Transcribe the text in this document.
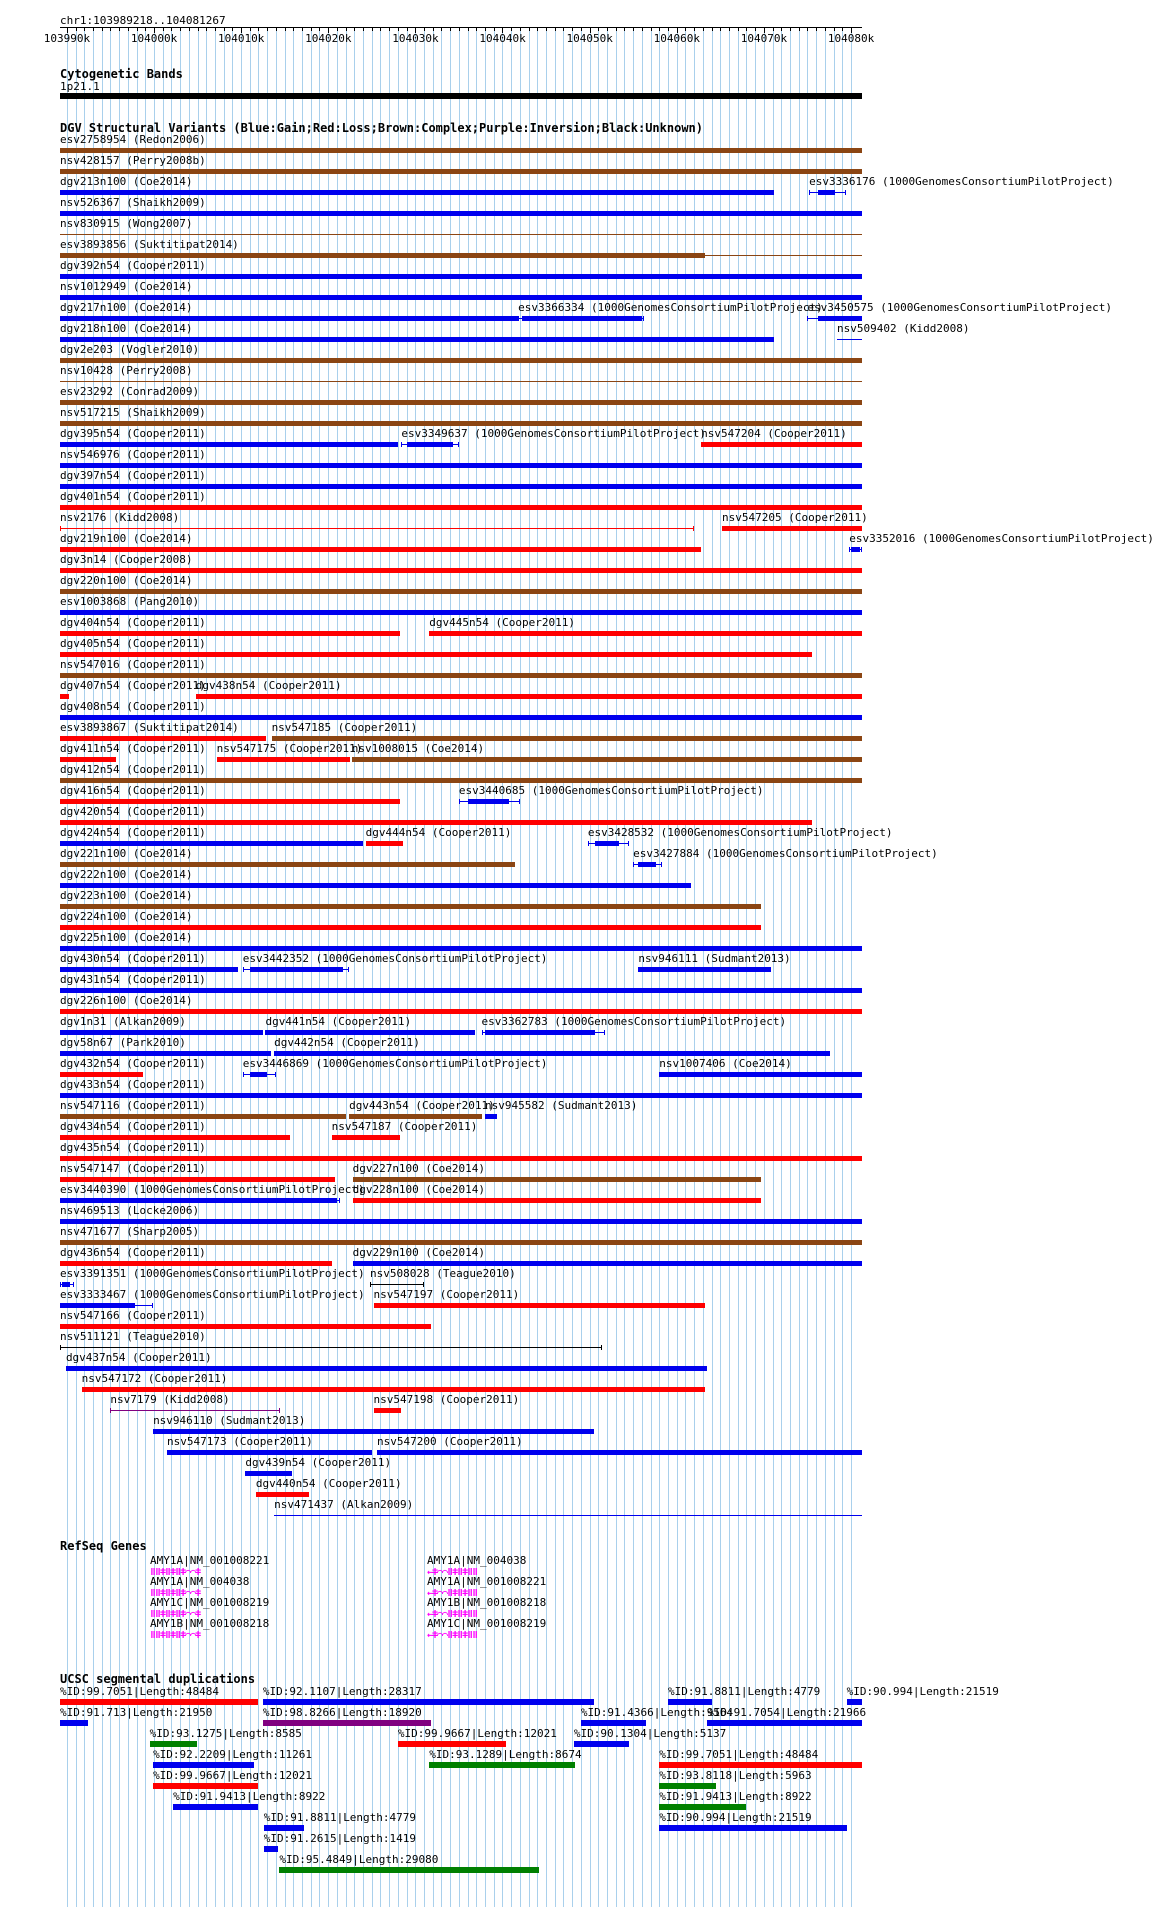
chr1:103989218..104081267
103990k	104000k	104010k	104020k	104030k	104040k	104050k	104060k	104070k	104080k
Cytogenetic Bands
1p21.1
DGV Structural Variants (Blue:Gain;Red:Loss;Brown:Complex;Purple:Inversion;Black:Unknown)
esv2758954 (Redon2006)
nsv428157 (Perry2008b)
dgv213n100 (Coe2014)	esv3336176 (1000GenomesConsortiumPilotProject)
nsv526367 (Shaikh2009)
nsv830915 (Wong2007)
esv3893856 (Suktitipat2014)
dgv392n54 (Cooper2011)
nsv1012949 (Coe2014)
dgv217n100 (Coe2014)	esv3366334 (1000GenomesConsortiumPilotProject)
esv3450575 (1000GenomesConsortiumPilotProject)
dgv218n100 (Coe2014)	nsv509402 (Kidd2008)
dgv2e203 (Vogler2010)
nsv10428 (Perry2008)
esv23292 (Conrad2009)
nsv517215 (Shaikh2009)
dgv395n54 (Cooper2011)	esv3349637 (1000GenomesConsortiumPilotProject)
nsv547204 (Cooper2011)
nsv546976 (Cooper2011)
dgv397n54 (Cooper2011)
dgv401n54 (Cooper2011)
nsv2176 (Kidd2008)	nsv547205 (Cooper2011)
dgv219n100 (Coe2014)	esv3352016 (1000GenomesConsortiumPilotProject)
dgv3n14 (Cooper2008)
dgv220n100 (Coe2014)
esv1003868 (Pang2010)
dgv404n54 (Cooper2011)	dgv445n54 (Cooper2011)
dgv405n54 (Cooper2011)
nsv547016 (Cooper2011)
dgv407n54 (Cooper2011)
dgv438n54 (Cooper2011)
dgv408n54 (Cooper2011)
esv3893867 (Suktitipat2014)	nsv547185 (Cooper2011)
dgv411n54 (Cooper2011) nsv547175 (Cooper2011)
nsv1008015 (Coe2014)
dgv412n54 (Cooper2011)
dgv416n54 (Cooper2011)	esv3440685 (1000GenomesConsortiumPilotProject)
dgv420n54 (Cooper2011)
dgv424n54 (Cooper2011)	dgv444n54 (Cooper2011)	esv3428532 (1000GenomesConsortiumPilotProject)
dgv221n100 (Coe2014)	esv3427884 (1000GenomesConsortiumPilotProject)
dgv222n100 (Coe2014)
dgv223n100 (Coe2014)
dgv224n100 (Coe2014)
dgv225n100 (Coe2014)
dgv430n54 (Cooper2011)	esv3442352 (1000GenomesConsortiumPilotProject)	nsv946111 (Sudmant2013)
dgv431n54 (Cooper2011)
dgv226n100 (Coe2014)
dgv1n31 (Alkan2009)	dgv441n54 (Cooper2011)	esv3362783 (1000GenomesConsortiumPilotProject)
dgv58n67 (Park2010)	dgv442n54 (Cooper2011)
dgv432n54 (Cooper2011)	esv3446869 (1000GenomesConsortiumPilotProject)	nsv1007406 (Coe2014)
dgv433n54 (Cooper2011)
nsv547116 (Cooper2011)	dgv443n54 (Cooper2011)
nsv945582 (Sudmant2013)
dgv434n54 (Cooper2011)	nsv547187 (Cooper2011)
dgv435n54 (Cooper2011)
nsv547147 (Cooper2011)	dgv227n100 (Coe2014)
esv3440390 (1000GenomesConsortiumPilotProject)
dgv228n100 (Coe2014)
nsv469513 (Locke2006)
nsv471677 (Sharp2005)
dgv436n54 (Cooper2011)	dgv229n100 (Coe2014)
esv3391351 (1000GenomesConsortiumPilotProject) nsv508028 (Teague2010)
esv3333467 (1000GenomesConsortiumPilotProject) nsv547197 (Cooper2011)
nsv547166 (Cooper2011)
nsv511121 (Teague2010)
dgv437n54 (Cooper2011)
nsv547172 (Cooper2011)
nsv7179 (Kidd2008)	nsv547198 (Cooper2011)
nsv946110 (Sudmant2013)
nsv547173 (Cooper2011)	nsv547200 (Cooper2011)
dgv439n54 (Cooper2011)
dgv440n54 (Cooper2011)
nsv471437 (Alkan2009)
RefSeq Genes
AMY1A|NM_001008221
ǁǁǂǁǂǁǂ⌒⌒ǂ
AMY1A|NM_004038
ǁǁǂǁǂǁǂ⌒⌒ǂ
AMY1C|NM_001008219
ǁǁǂǁǂǁǂ⌒⌒ǂ
AMY1B|NM_001008218
ǁǁǂǁǂǁǂ⌒⌒ǂ
AMY1A|NM_004038
←ǂ⌒⌒ǁǂǁǂǁǁ
AMY1A|NM_001008221
←ǂ⌒⌒ǁǂǁǂǁǁ
AMY1B|NM_001008218
←ǂ⌒⌒ǁǂǁǂǁǁ
AMY1C|NM_001008219
←ǂ⌒⌒ǁǂǁǂǁǁ
UCSC segmental duplications
%ID:99.7051|Length:48484	%ID:92.1107|Length:28317	%ID:91.8811|Length:4779 %ID:90.994|Length:21519
%ID:91.713|Length:21950	%ID:98.8266|Length:18920	%ID:91.4366|Length:9564
%ID:91.7054|Length:21966
%ID:93.1275|Length:8585	%ID:99.9667|Length:12021 %ID:90.1304|Length:5137
%ID:92.2209|Length:11261	%ID:93.1289|Length:8674	%ID:99.7051|Length:48484
%ID:99.9667|Length:12021	%ID:93.8118|Length:5963
%ID:91.9413|Length:8922	%ID:91.9413|Length:8922
%ID:91.8811|Length:4779	%ID:90.994|Length:21519
%ID:91.2615|Length:1419
%ID:95.4849|Length:29080
